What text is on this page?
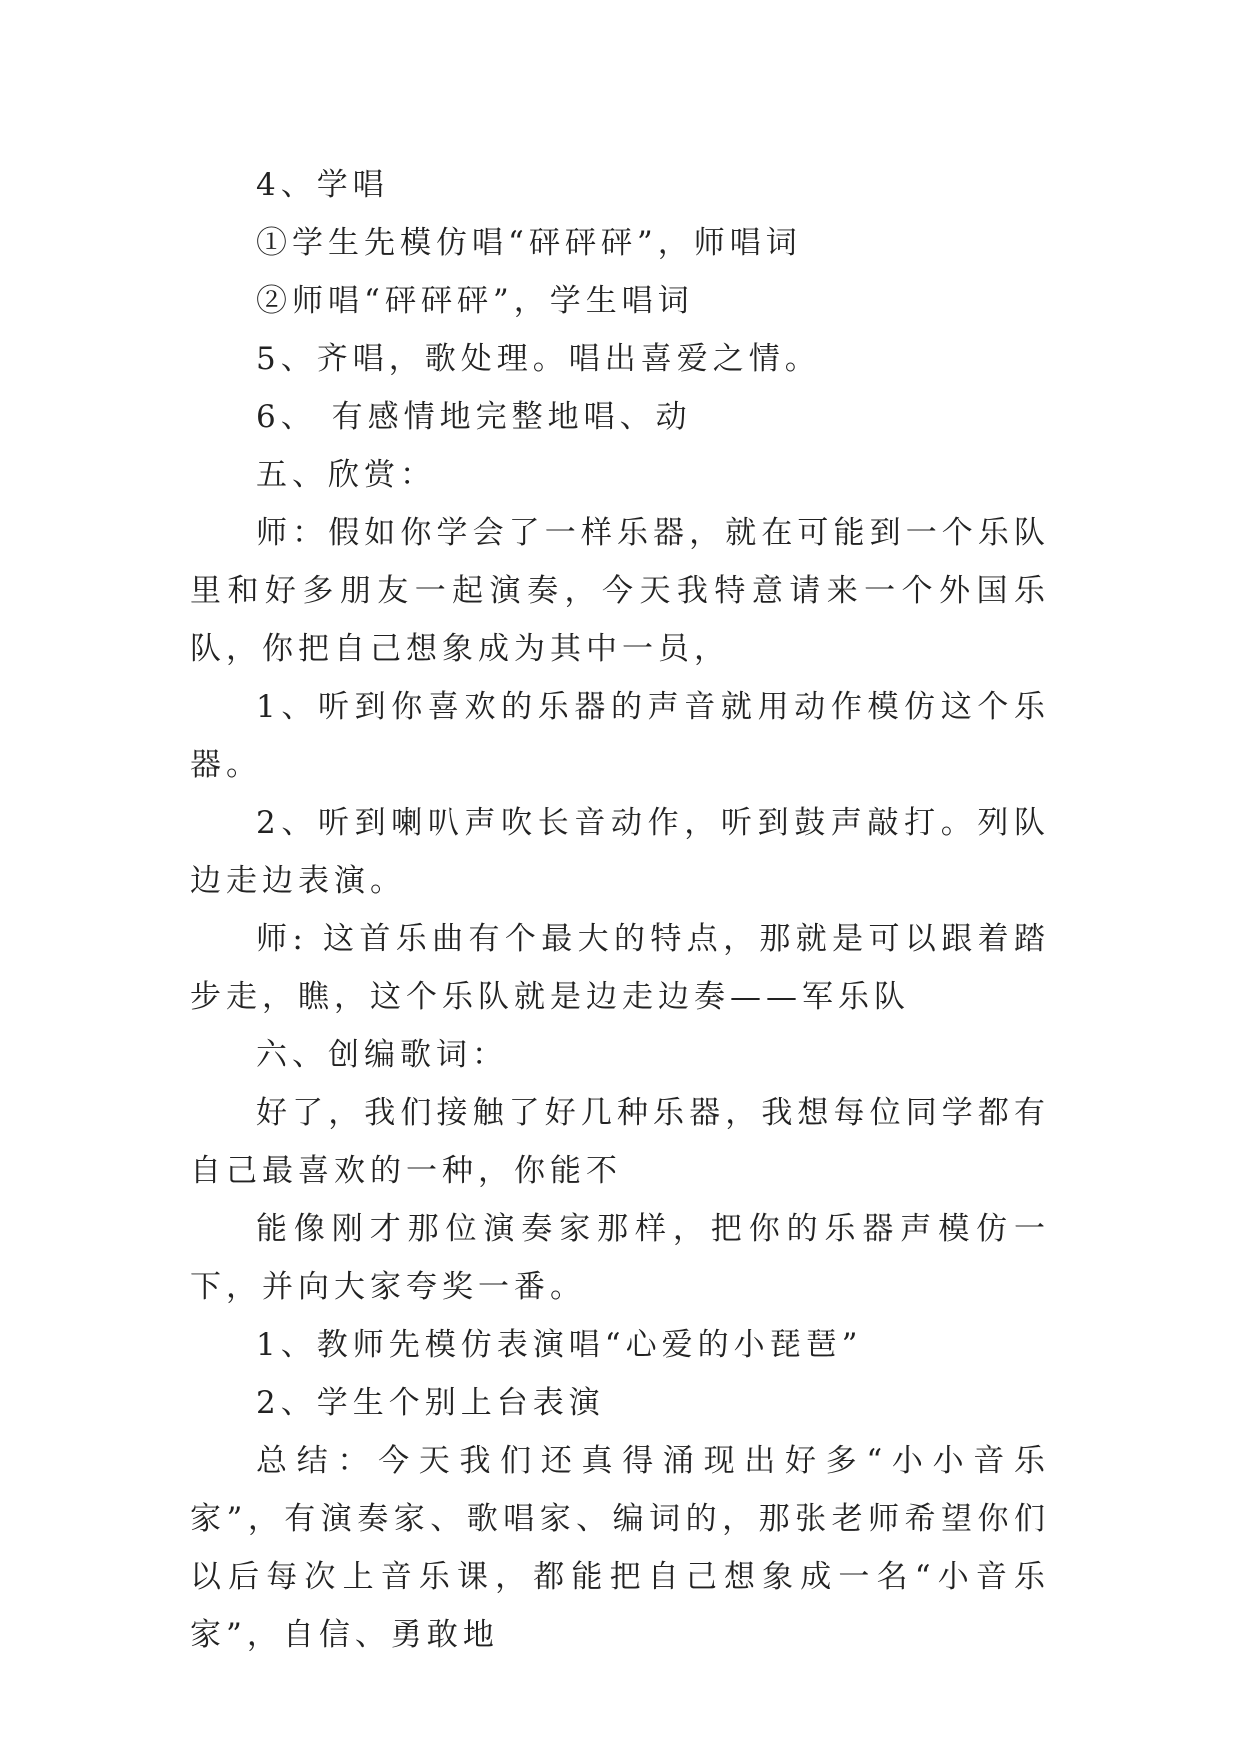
4、学唱

①学生先模仿唱“砰砰砰”，师唱词

②师唱“砰砰砰”，学生唱词

5、齐唱，歌处理。唱出喜爱之情。

6、 有感情地完整地唱、动

五、欣赏：

师：假如你学会了一样乐器，就在可能到一个乐队里和好多朋友一起演奏，今天我特意请来一个外国乐队，你把自己想象成为其中一员，

1、听到你喜欢的乐器的声音就用动作模仿这个乐器。

2、听到喇叭声吹长音动作，听到鼓声敲打。列队边走边表演。

师: 这首乐曲有个最大的特点，那就是可以跟着踏步走，瞧，这个乐队就是边走边奏——军乐队

六、创编歌词：

好了，我们接触了好几种乐器，我想每位同学都有自己最喜欢的一种，你能不

能像刚才那位演奏家那样，把你的乐器声模仿一下，并向大家夸奖一番。

1、教师先模仿表演唱“心爱的小琵琶”

2、学生个别上台表演

总结：今天我们还真得涌现出好多“小小音乐家”，有演奏家、歌唱家、编词的，那张老师希望你们以后每次上音乐课，都能把自己想象成一名“小音乐家”，自信、勇敢地
